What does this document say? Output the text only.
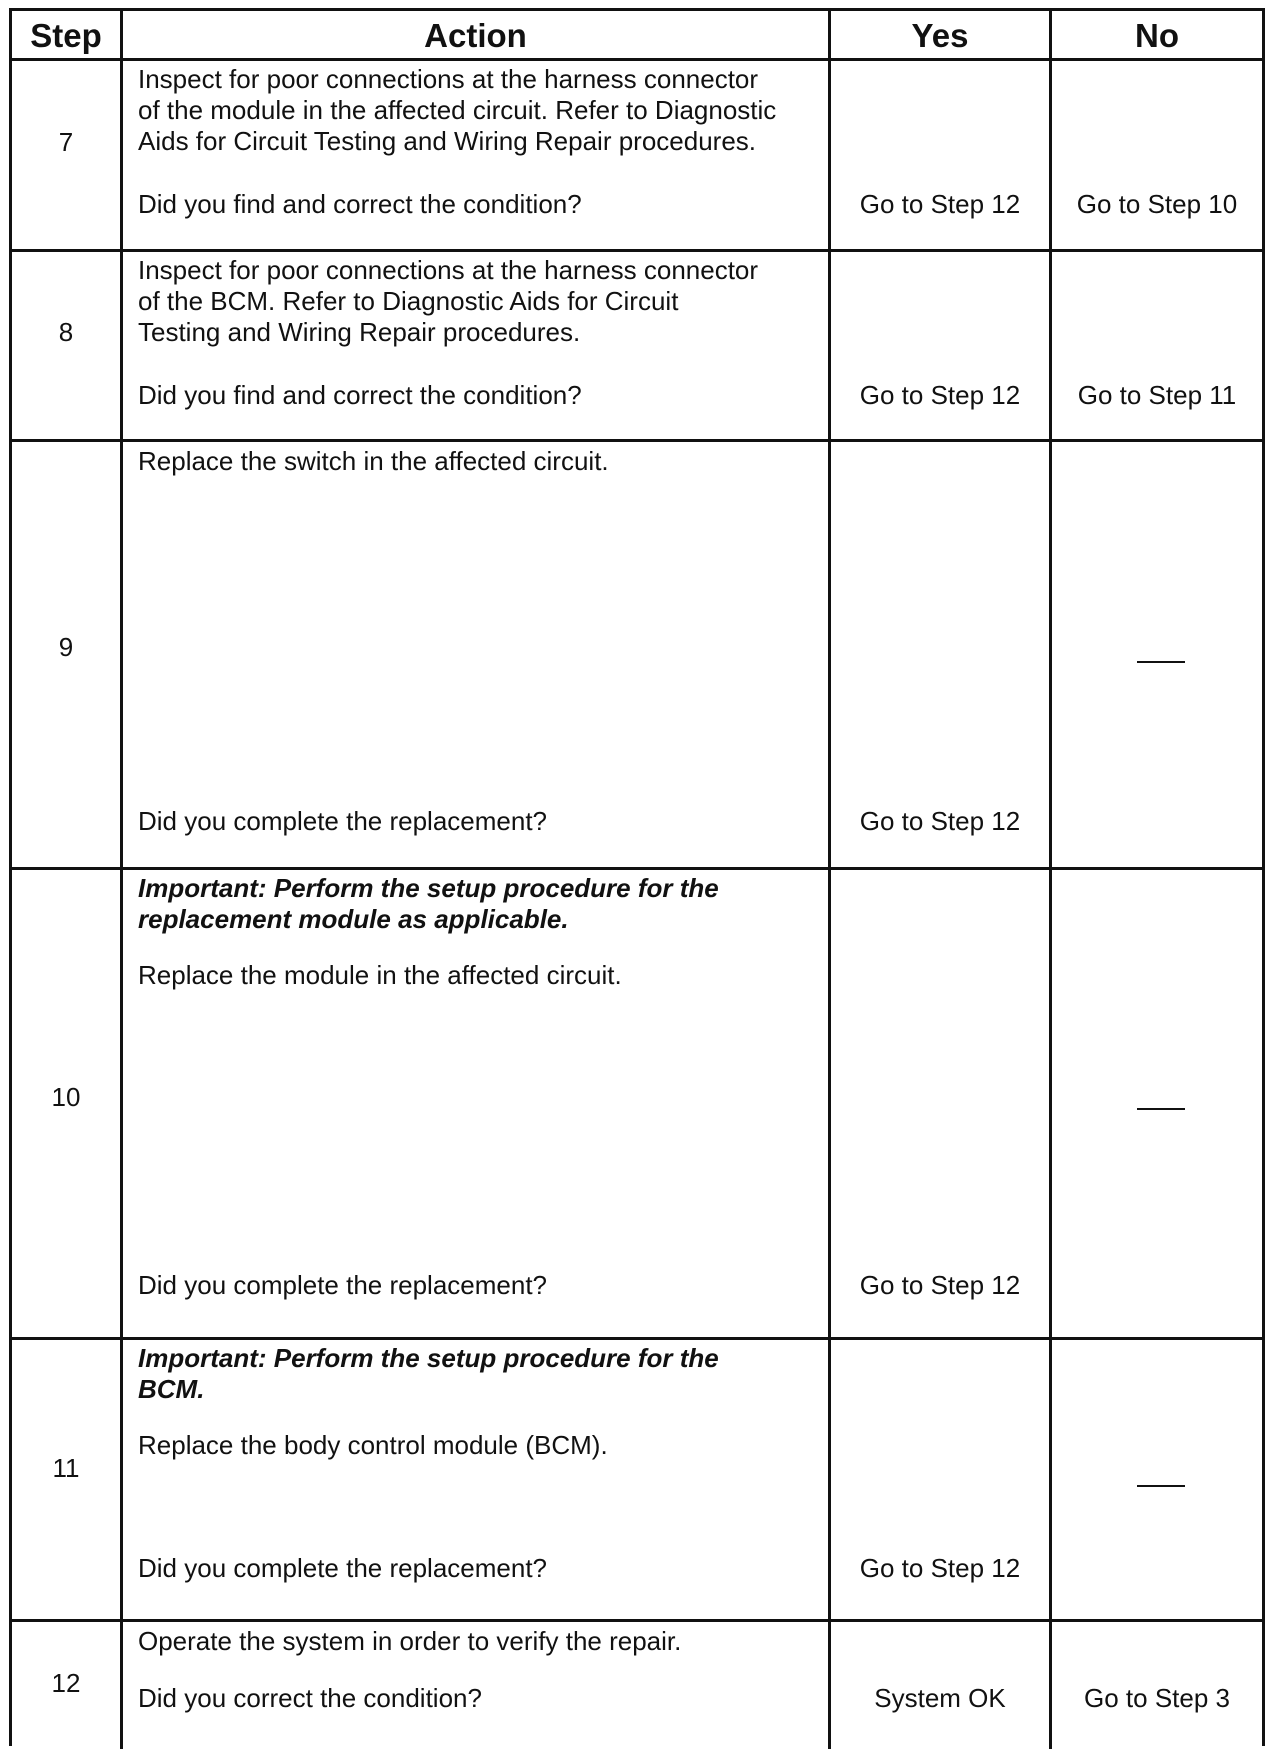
Step	Action	Yes	No
7
Inspect for poor connections at the harness connector
of the module in the affected circuit. Refer to Diagnostic
Aids for Circuit Testing and Wiring Repair procedures.
Did you find and correct the condition?	Go to Step 12	Go to Step 10
8
Inspect for poor connections at the harness connector
of the BCM. Refer to Diagnostic Aids for Circuit
Testing and Wiring Repair procedures.
Did you find and correct the condition?	Go to Step 12	Go to Step 11
9
Replace the switch in the affected circuit.
Did you complete the replacement?	Go to Step 12
10
Important: Perform the setup procedure for the
replacement module as applicable.
Replace the module in the affected circuit.
Did you complete the replacement?	Go to Step 12
11
Important: Perform the setup procedure for the
BCM.
Replace the body control module (BCM).
Did you complete the replacement?	Go to Step 12
12
Operate the system in order to verify the repair.
Did you correct the condition?	System OK	Go to Step 3
